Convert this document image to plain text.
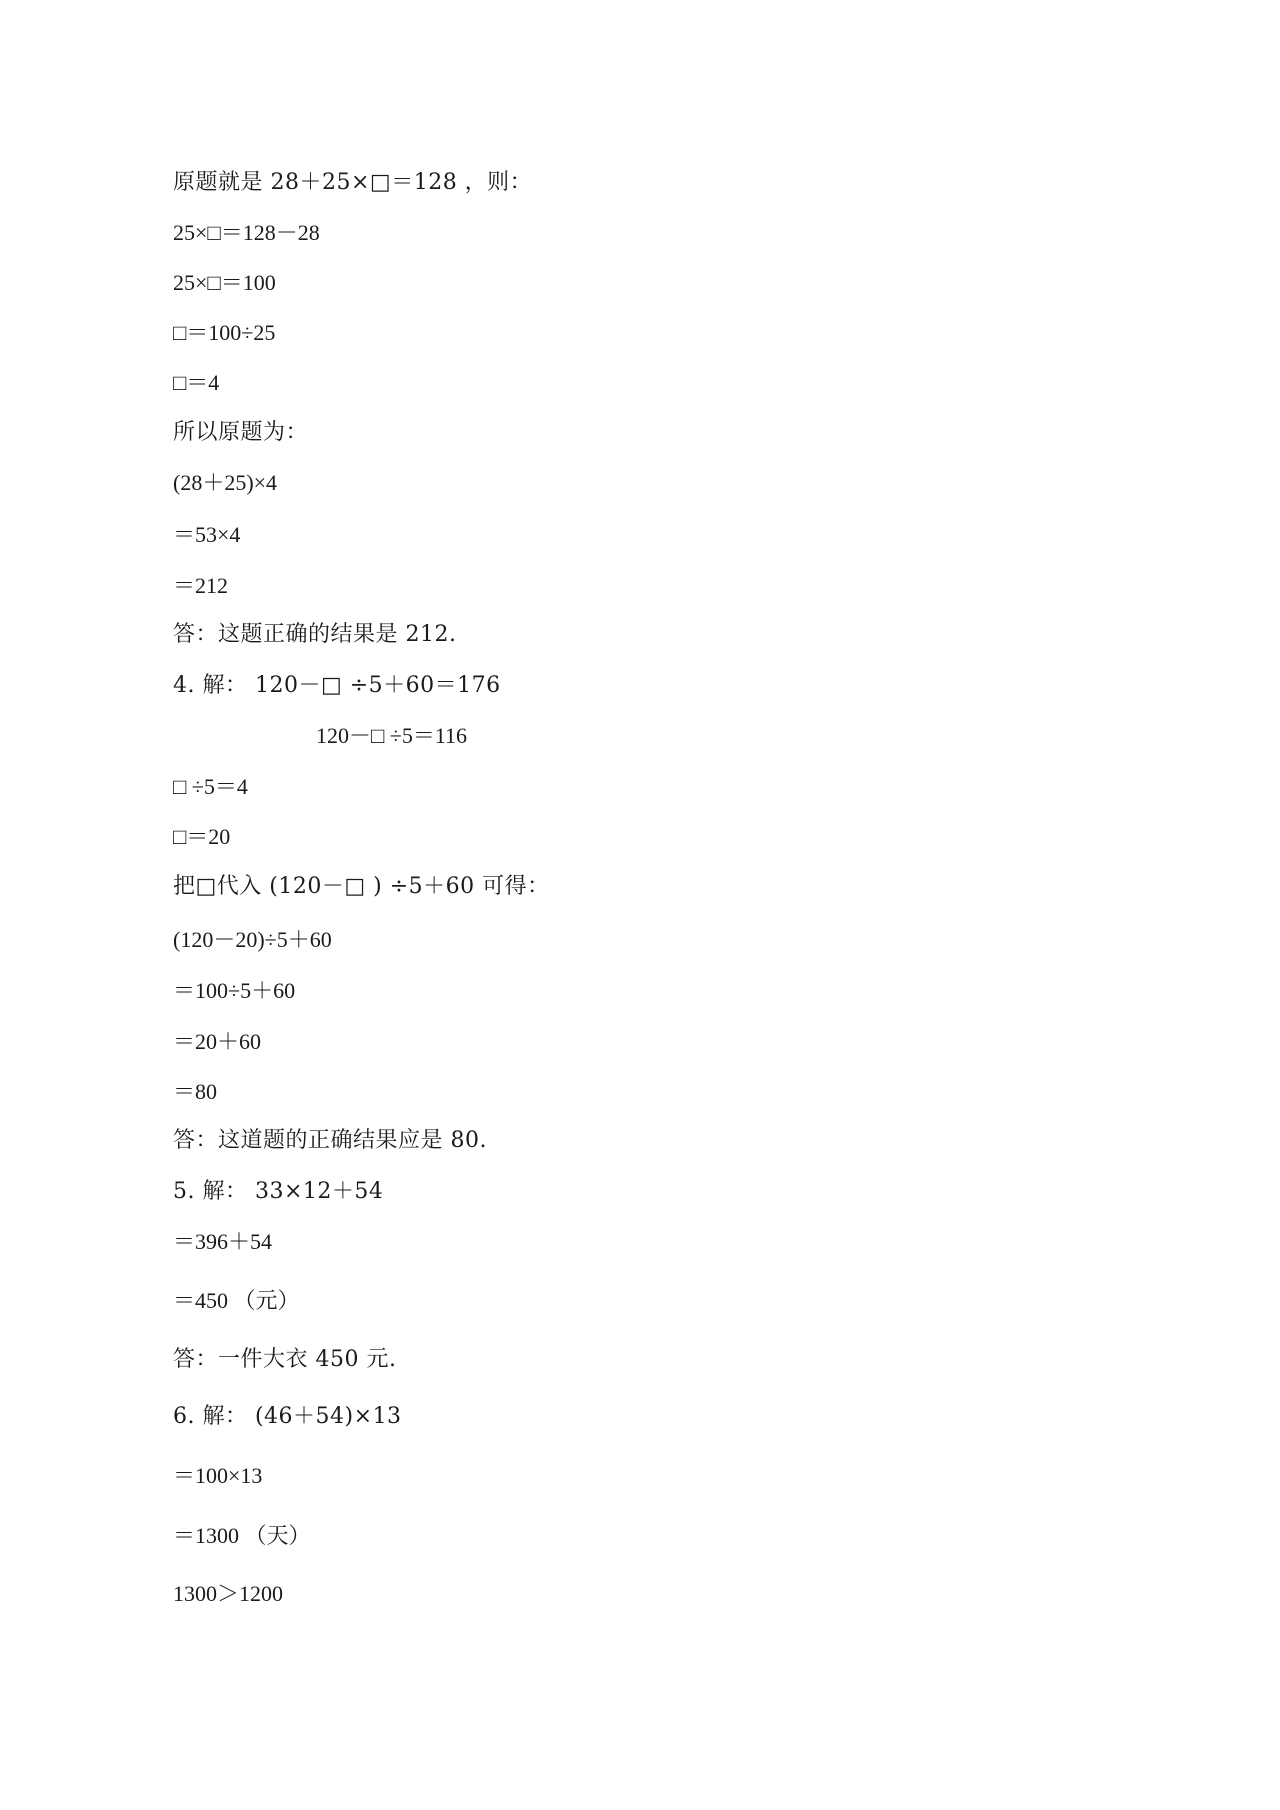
原题就是 28＋25×□＝128 ，则：
25×□＝128－28
25×□＝100
□＝100÷25
□＝4
所以原题为：
(28＋25)×4
＝53×4
＝212
答：这题正确的结果是 212.
4. 解： 120－□ ÷5＋60＝176
120－□ ÷5＝116
□ ÷5＝4
□＝20
把□代入 (120－□ ) ÷5＋60 可得：
(120－20)÷5＋60
＝100÷5＋60
＝20＋60
＝80
答：这道题的正确结果应是 80.
5. 解： 33×12＋54
＝396＋54
＝450 （元）
答：一件大衣 450 元.
6. 解： (46＋54)×13
＝100×13
＝1300 （天）
1300＞1200
